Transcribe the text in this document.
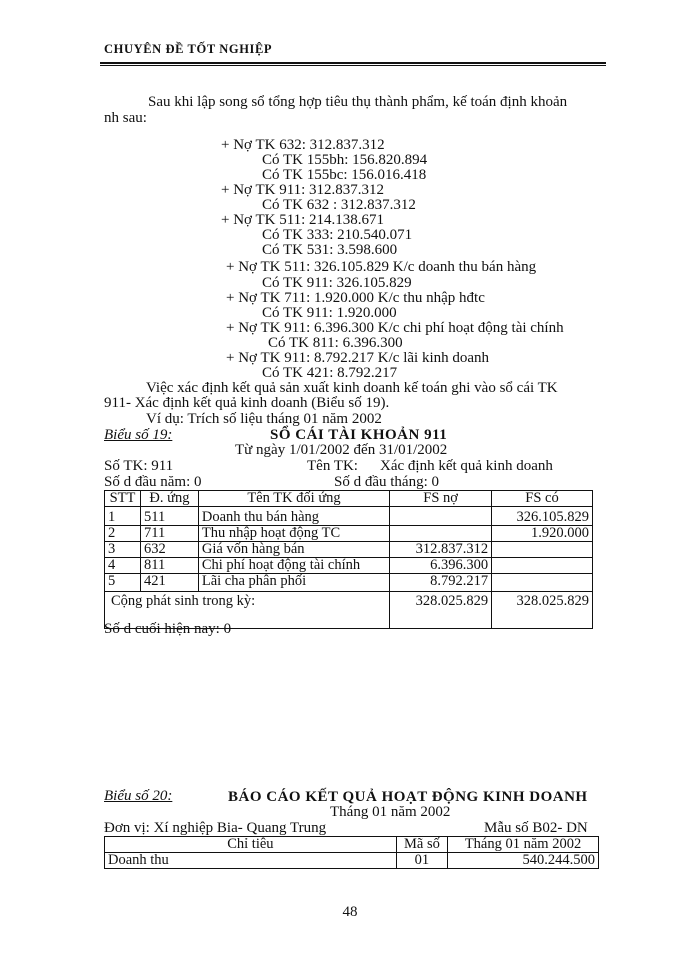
CHUYÊN ĐỀ TỐT NGHIỆP
Sau khi lập song sổ tổng hợp tiêu thụ thành phẩm, kế toán định khoản
nh sau:
+ Nợ TK 632: 312.837.312
Có TK 155bh: 156.820.894
Có TK 155bc: 156.016.418
+ Nợ TK 911: 312.837.312
Có TK 632 : 312.837.312
+ Nợ TK 511: 214.138.671
Có TK 333: 210.540.071
Có TK 531: 3.598.600
+ Nợ TK 511: 326.105.829 K/c doanh thu bán hàng
Có TK 911: 326.105.829
+ Nợ TK 711: 1.920.000 K/c thu nhập hđtc
Có TK 911: 1.920.000
+ Nợ TK 911: 6.396.300 K/c chi phí hoạt động tài chính
Có TK 811: 6.396.300
+ Nợ TK 911: 8.792.217 K/c lãi kinh doanh
Có TK 421: 8.792.217
Việc xác định kết quả sản xuất kinh doanh kế toán ghi vào sổ cái TK
911- Xác định kết quả kinh doanh (Biểu số 19).
Ví dụ: Trích số liệu tháng 01 năm 2002
Biểu số 19:	SỔ CÁI TÀI KHOẢN 911
Từ ngày 1/01/2002 đến 31/01/2002
Số TK: 911	Tên TK: Xác định kết quả kinh doanh
Số d đầu năm: 0	Số d đầu tháng: 0
STT	Đ. ứng	Tên TK đối ứng	FS nợ	FS có
1	511	Doanh thu bán hàng		326.105.829
2	711	Thu nhập hoạt động TC		1.920.000
3	632	Giá vốn hàng bán	312.837.312	
4	811	Chi phí hoạt động tài chính	6.396.300	
5	421	Lãi cha phân phối	8.792.217	
Cộng phát sinh trong kỳ:			328.025.829	328.025.829
Số d cuối hiện nay: 0
Biểu số 20:	BÁO CÁO KẾT QUẢ HOẠT ĐỘNG KINH DOANH
Tháng 01 năm 2002
Đơn vị: Xí nghiệp Bia- Quang Trung	Mẫu số B02- DN
Chỉ tiêu	Mã số	Tháng 01 năm 2002
Doanh thu	01	540.244.500
48
